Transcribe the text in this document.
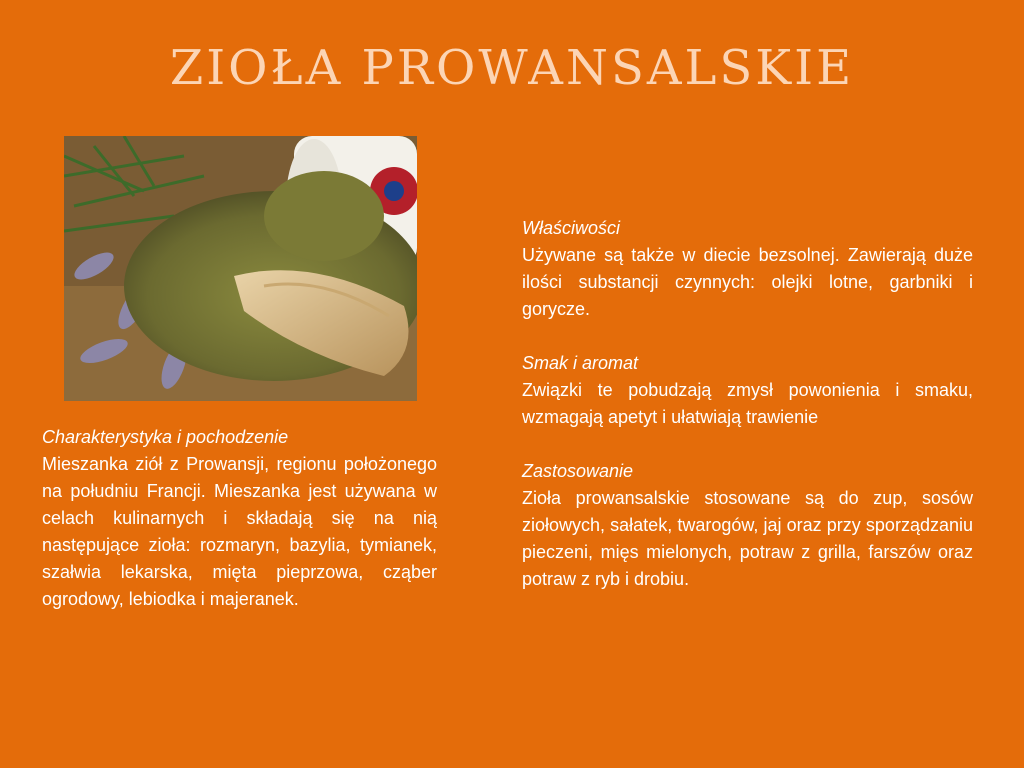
ZIOŁA PROWANSALSKIE
Charakterystyka i pochodzenie
Mieszanka ziół z Prowansji, regionu położonego na południu Francji. Mieszanka jest używana w celach kulinarnych i składają się na nią następujące zioła: rozmaryn, bazylia, tymianek, szałwia lekarska, mięta pieprzowa, cząber ogrodowy, lebiodka i majeranek.
Właściwości
Używane są także w diecie bezsolnej. Zawierają duże ilości substancji czynnych: olejki lotne, garbniki i gorycze.
Smak i aromat
Związki te pobudzają zmysł powonienia i smaku, wzmagają apetyt i ułatwiają trawienie
Zastosowanie
Zioła prowansalskie stosowane są do zup, sosów ziołowych, sałatek, twarogów, jaj oraz przy sporządzaniu pieczeni, mięs mielonych, potraw z grilla, farszów oraz potraw z ryb i drobiu.
